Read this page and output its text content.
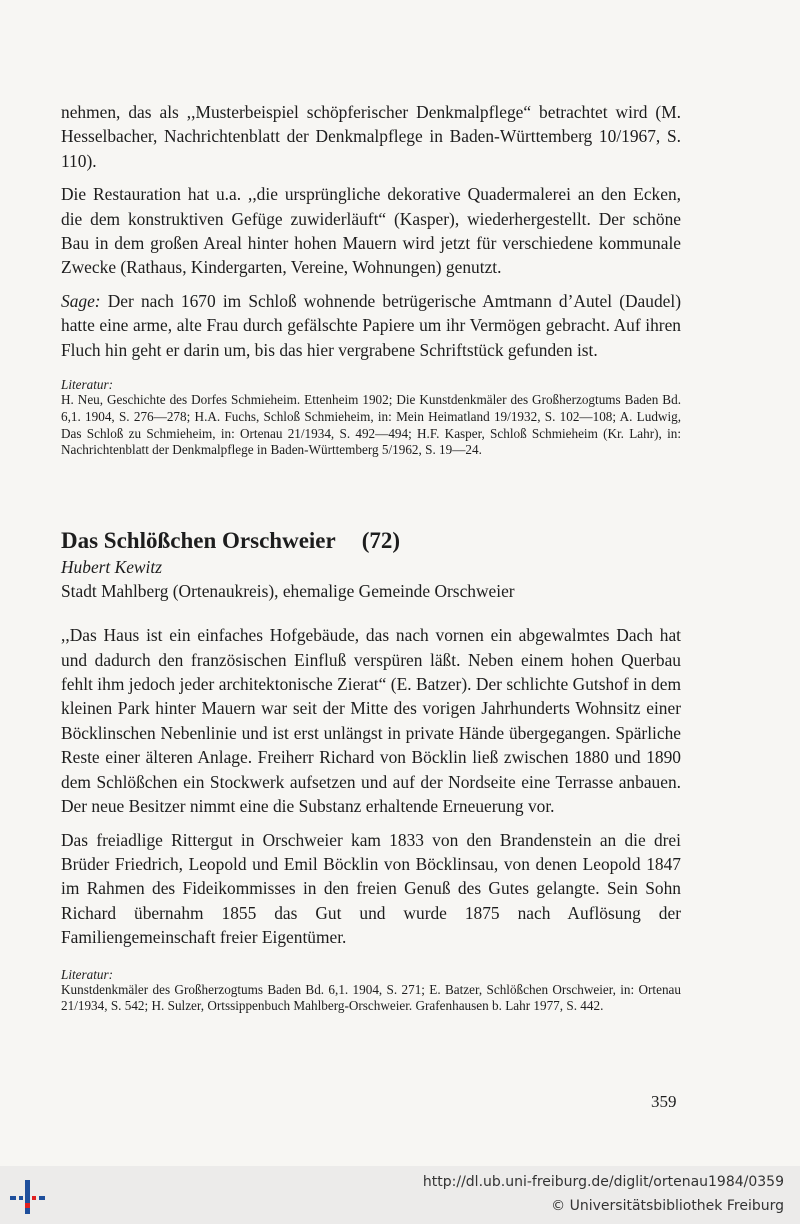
nehmen, das als ,,Musterbeispiel schöpferischer Denkmalpflege“ betrachtet wird (M. Hesselbacher, Nachrichtenblatt der Denkmalpflege in Baden-Württemberg 10/1967, S. 110).

Die Restauration hat u.a. ,,die ursprüngliche dekorative Quadermalerei an den Ecken, die dem konstruktiven Gefüge zuwiderläuft“ (Kasper), wiederhergestellt. Der schöne Bau in dem großen Areal hinter hohen Mauern wird jetzt für verschiedene kommunale Zwecke (Rathaus, Kindergarten, Vereine, Wohnungen) genutzt.

Sage: Der nach 1670 im Schloß wohnende betrügerische Amtmann d’Autel (Daudel) hatte eine arme, alte Frau durch gefälschte Papiere um ihr Vermögen gebracht. Auf ihren Fluch hin geht er darin um, bis das hier vergrabene Schriftstück gefunden ist.

Literatur:

H. Neu, Geschichte des Dorfes Schmieheim. Ettenheim 1902; Die Kunstdenkmäler des Großherzogtums Baden Bd. 6,1. 1904, S. 276—278; H.A. Fuchs, Schloß Schmieheim, in: Mein Heimatland 19/1932, S. 102—108; A. Ludwig, Das Schloß zu Schmieheim, in: Ortenau 21/1934, S. 492—494; H.F. Kasper, Schloß Schmieheim (Kr. Lahr), in: Nachrichtenblatt der Denkmalpflege in Baden-Württemberg 5/1962, S. 19—24.

Das Schlößchen Orschweier (72)

Hubert Kewitz

Stadt Mahlberg (Ortenaukreis), ehemalige Gemeinde Orschweier

,,Das Haus ist ein einfaches Hofgebäude, das nach vornen ein abgewalmtes Dach hat und dadurch den französischen Einfluß verspüren läßt. Neben einem hohen Querbau fehlt ihm jedoch jeder architektonische Zierat“ (E. Batzer). Der schlichte Gutshof in dem kleinen Park hinter Mauern war seit der Mitte des vorigen Jahrhunderts Wohnsitz einer Böcklinschen Nebenlinie und ist erst unlängst in private Hände übergegangen. Spärliche Reste einer älteren Anlage. Freiherr Richard von Böcklin ließ zwischen 1880 und 1890 dem Schlößchen ein Stockwerk aufsetzen und auf der Nordseite eine Terrasse anbauen. Der neue Besitzer nimmt eine die Substanz erhaltende Erneuerung vor.

Das freiadlige Rittergut in Orschweier kam 1833 von den Brandenstein an die drei Brüder Friedrich, Leopold und Emil Böcklin von Böcklinsau, von denen Leopold 1847 im Rahmen des Fideikommisses in den freien Genuß des Gutes gelangte. Sein Sohn Richard übernahm 1855 das Gut und wurde 1875 nach Auflösung der Familiengemeinschaft freier Eigentümer.

Literatur:

Kunstdenkmäler des Großherzogtums Baden Bd. 6,1. 1904, S. 271; E. Batzer, Schlößchen Orschweier, in: Ortenau 21/1934, S. 542; H. Sulzer, Ortssippenbuch Mahlberg-Orschweier. Grafenhausen b. Lahr 1977, S. 442.

359
http://dl.ub.uni-freiburg.de/diglit/ortenau1984/0359
© Universitätsbibliothek Freiburg
